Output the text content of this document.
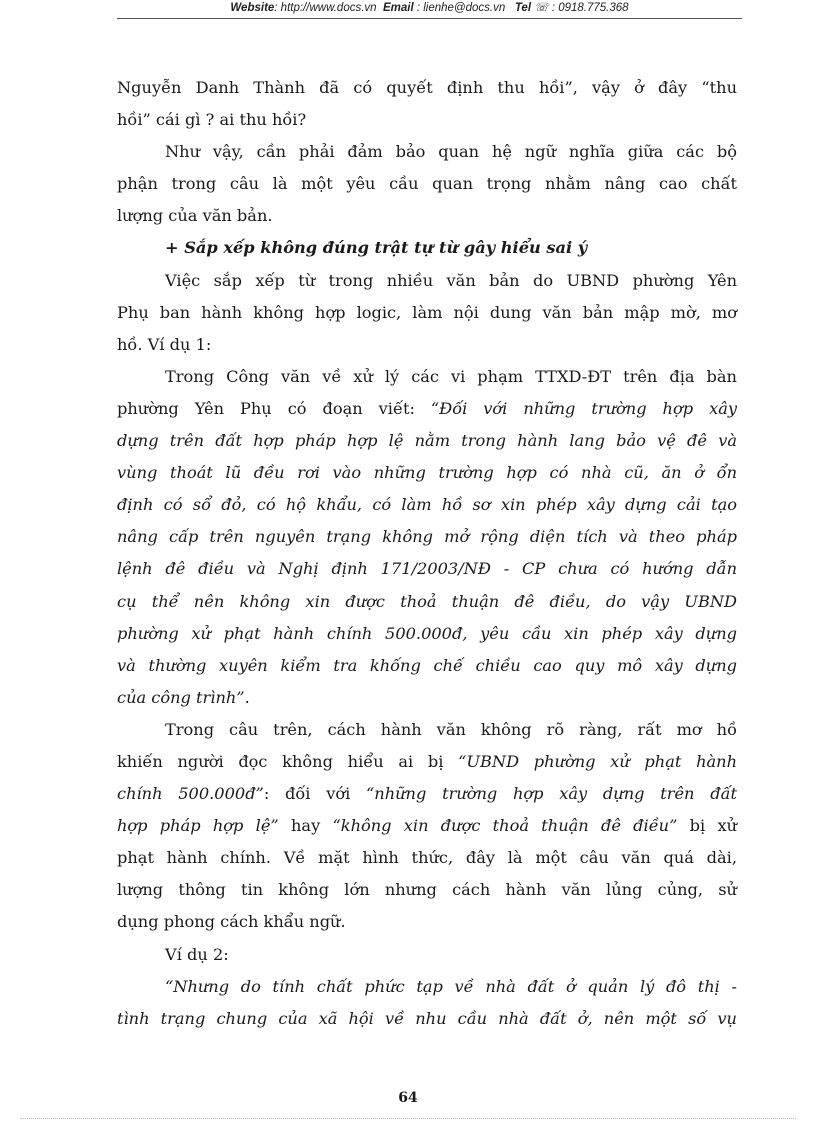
Website: http://www.docs.vn Email : lienhe@docs.vn Tel ☏ : 0918.775.368
Nguyễn Danh Thành đã có quyết định thu hồi”, vậy ở đây “thu
hồi” cái gì ? ai thu hồi?
Như vậy, cần phải đảm bảo quan hệ ngữ nghĩa giữa các bộ
phận trong câu là một yêu cầu quan trọng nhằm nâng cao chất
lượng của văn bản.
+ Sắp xếp không đúng trật tự từ gây hiểu sai ý
Việc sắp xếp từ trong nhiều văn bản do UBND phường Yên
Phụ ban hành không hợp logic, làm nội dung văn bản mập mờ, mơ
hồ. Ví dụ 1:
Trong Công văn về xử lý các vi phạm TTXD-ĐT trên địa bàn
phường Yên Phụ có đoạn viết: “Đối với những trường hợp xây
dựng trên đất hợp pháp hợp lệ nằm trong hành lang bảo vệ đê và
vùng thoát lũ đều rơi vào những trường hợp có nhà cũ, ăn ở ổn
định có sổ đỏ, có hộ khẩu, có làm hồ sơ xin phép xây dựng cải tạo
nâng cấp trên nguyên trạng không mở rộng diện tích và theo pháp
lệnh đê điều và Nghị định 171/2003/NĐ - CP chưa có hướng dẫn
cụ thể nên không xin được thoả thuận đê điều, do vậy UBND
phường xử phạt hành chính 500.000đ, yêu cầu xin phép xây dựng
và thường xuyên kiểm tra khống chế chiều cao quy mô xây dựng
của công trình”.
Trong câu trên, cách hành văn không rõ ràng, rất mơ hồ
khiến người đọc không hiểu ai bị “UBND phường xử phạt hành
chính 500.000đ”: đối với “những trường hợp xây dựng trên đất
hợp pháp hợp lệ” hay “không xin được thoả thuận đê điều” bị xử
phạt hành chính. Về mặt hình thức, đây là một câu văn quá dài,
lượng thông tin không lớn nhưng cách hành văn lủng củng, sử
dụng phong cách khẩu ngữ.
Ví dụ 2:
“Nhưng do tính chất phức tạp về nhà đất ở quản lý đô thị -
tình trạng chung của xã hội về nhu cầu nhà đất ở, nên một số vụ
64
